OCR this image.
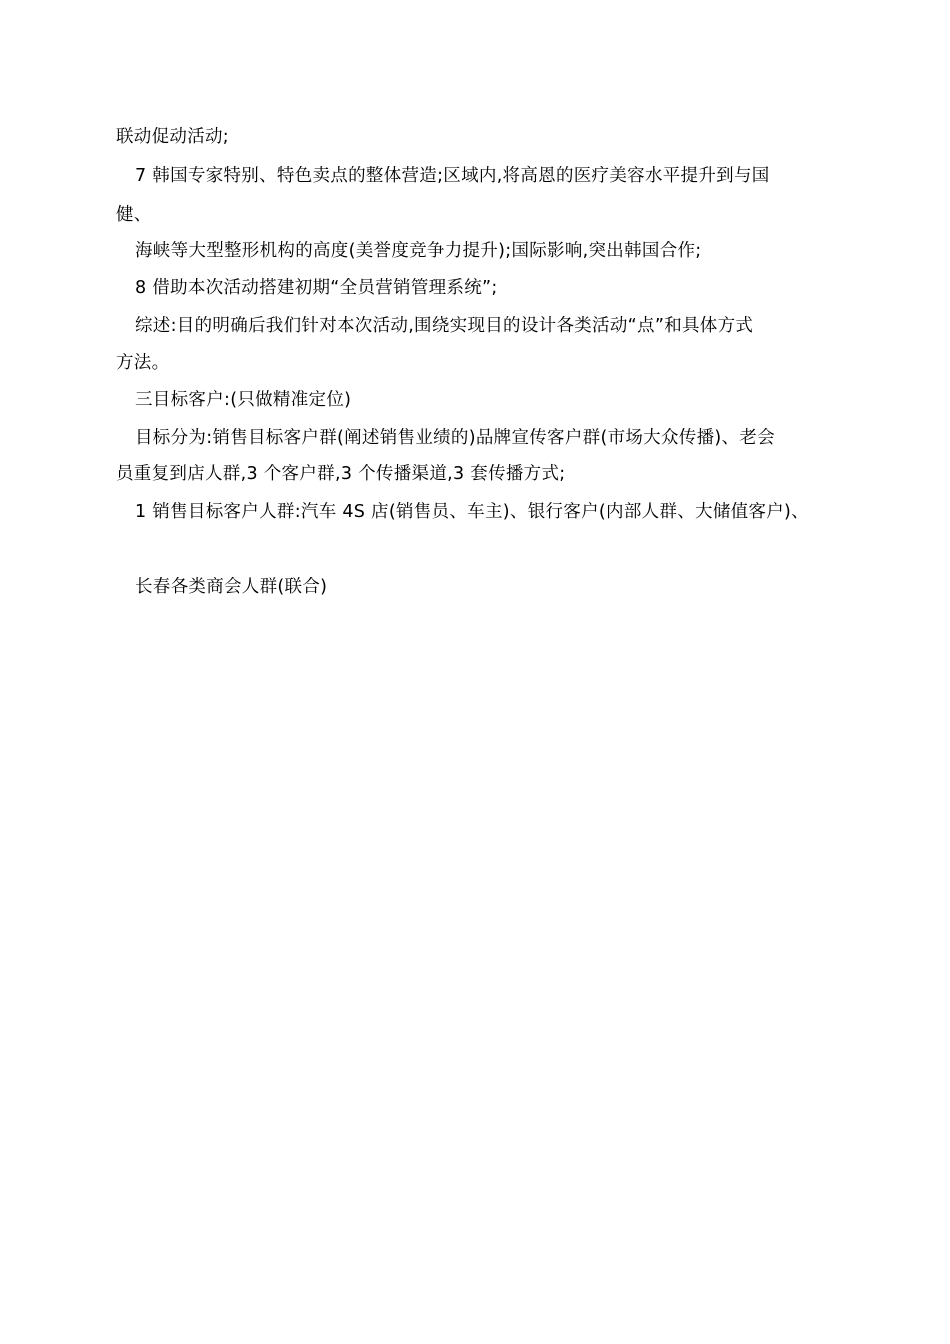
联动促动活动;
7 韩国专家特别、特色卖点的整体营造;区域内,将高恩的医疗美容水平提升到与国
健、
海峡等大型整形机构的高度(美誉度竞争力提升);国际影响,突出韩国合作;
8 借助本次活动搭建初期“全员营销管理系统”;
综述:目的明确后我们针对本次活动,围绕实现目的设计各类活动“点”和具体方式
方法。
三目标客户:(只做精准定位)
目标分为:销售目标客户群(阐述销售业绩的)品牌宣传客户群(市场大众传播)、老会
员重复到店人群,3 个客户群,3 个传播渠道,3 套传播方式;
1 销售目标客户人群:汽车 4S 店(销售员、车主)、银行客户(内部人群、大储值客户)、
长春各类商会人群(联合)
